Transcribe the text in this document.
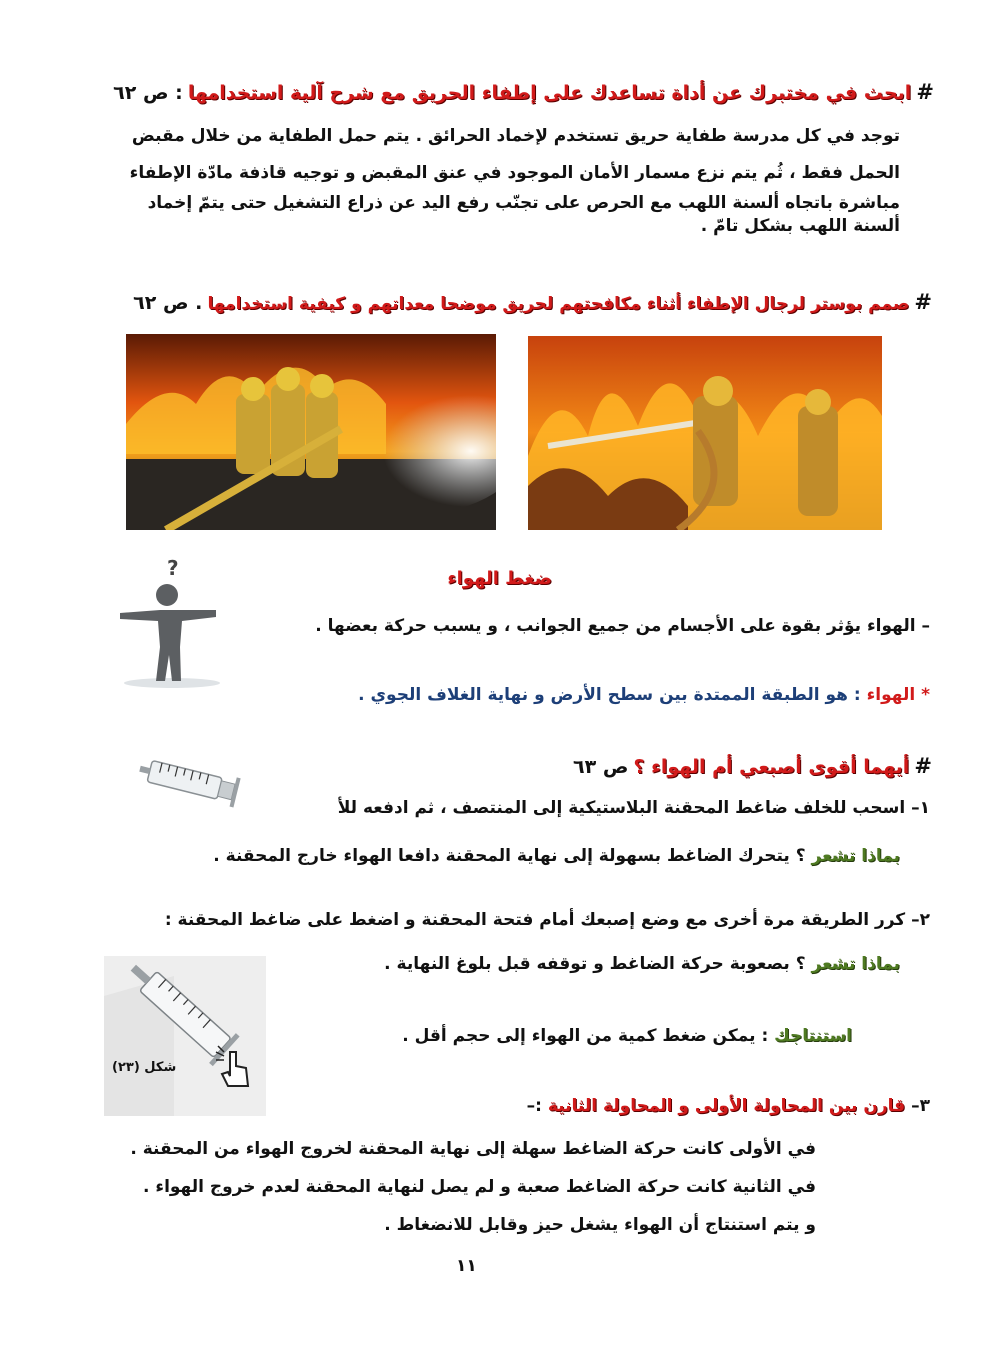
# ابحث في مختبرك عن أداة تساعدك على إطفاء الحريق مع شرح آلية استخدامها : ص ٦٢
توجد في كل مدرسة طفاية حريق تستخدم لإخماد الحرائق . يتم حمل الطفاية من خلال مقبض
الحمل فقط ، ثُم يتم نزع مسمار الأمان الموجود في عنق المقبض و توجيه قاذفة مادّة الإطفاء
مباشرة باتجاه ألسنة اللهب مع الحرص على تجنّب رفع اليد عن ذراع التشغيل حتى يتمّ إخماد
ألسنة اللهب بشكل تامّ .
# صمم بوستر لرجال الإطفاء أثناء مكافحتهم لحريق موضحا معداتهم و كيفية استخدامها . ص ٦٢
?	ضغط الهواء
– الهواء يؤثر بقوة على الأجسام من جميع الجوانب ، و يسبب حركة بعضها .
* الهواء : هو الطبقة الممتدة بين سطح الأرض و نهاية الغلاف الجوي .
# أيهما أقوى أصبعي أم الهواء ؟ ص ٦٣
١– اسحب للخلف ضاغط المحقنة البلاستيكية إلى المنتصف ، ثم ادفعه للأ
بماذا تشعر ؟ يتحرك الضاغط بسهولة إلى نهاية المحقنة دافعا الهواء خارج المحقنة .
٢– كرر الطريقة مرة أخرى مع وضع إصبعك أمام فتحة المحقنة و اضغط على ضاغط المحقنة :
بماذا تشعر ؟ بصعوبة حركة الضاغط و توقفه قبل بلوغ النهاية .
شكل (٢٣)
استنتاجك : يمكن ضغط كمية من الهواء إلى حجم أقل .
٣– قارن بين المحاولة الأولى و المحاولة الثانية :–
في الأولى كانت حركة الضاغط سهلة إلى نهاية المحقنة لخروج الهواء من المحقنة .
في الثانية كانت حركة الضاغط صعبة و لم يصل لنهاية المحقنة لعدم خروج الهواء .
و يتم استنتاج أن الهواء يشغل حيز وقابل للانضغاط .
١١
